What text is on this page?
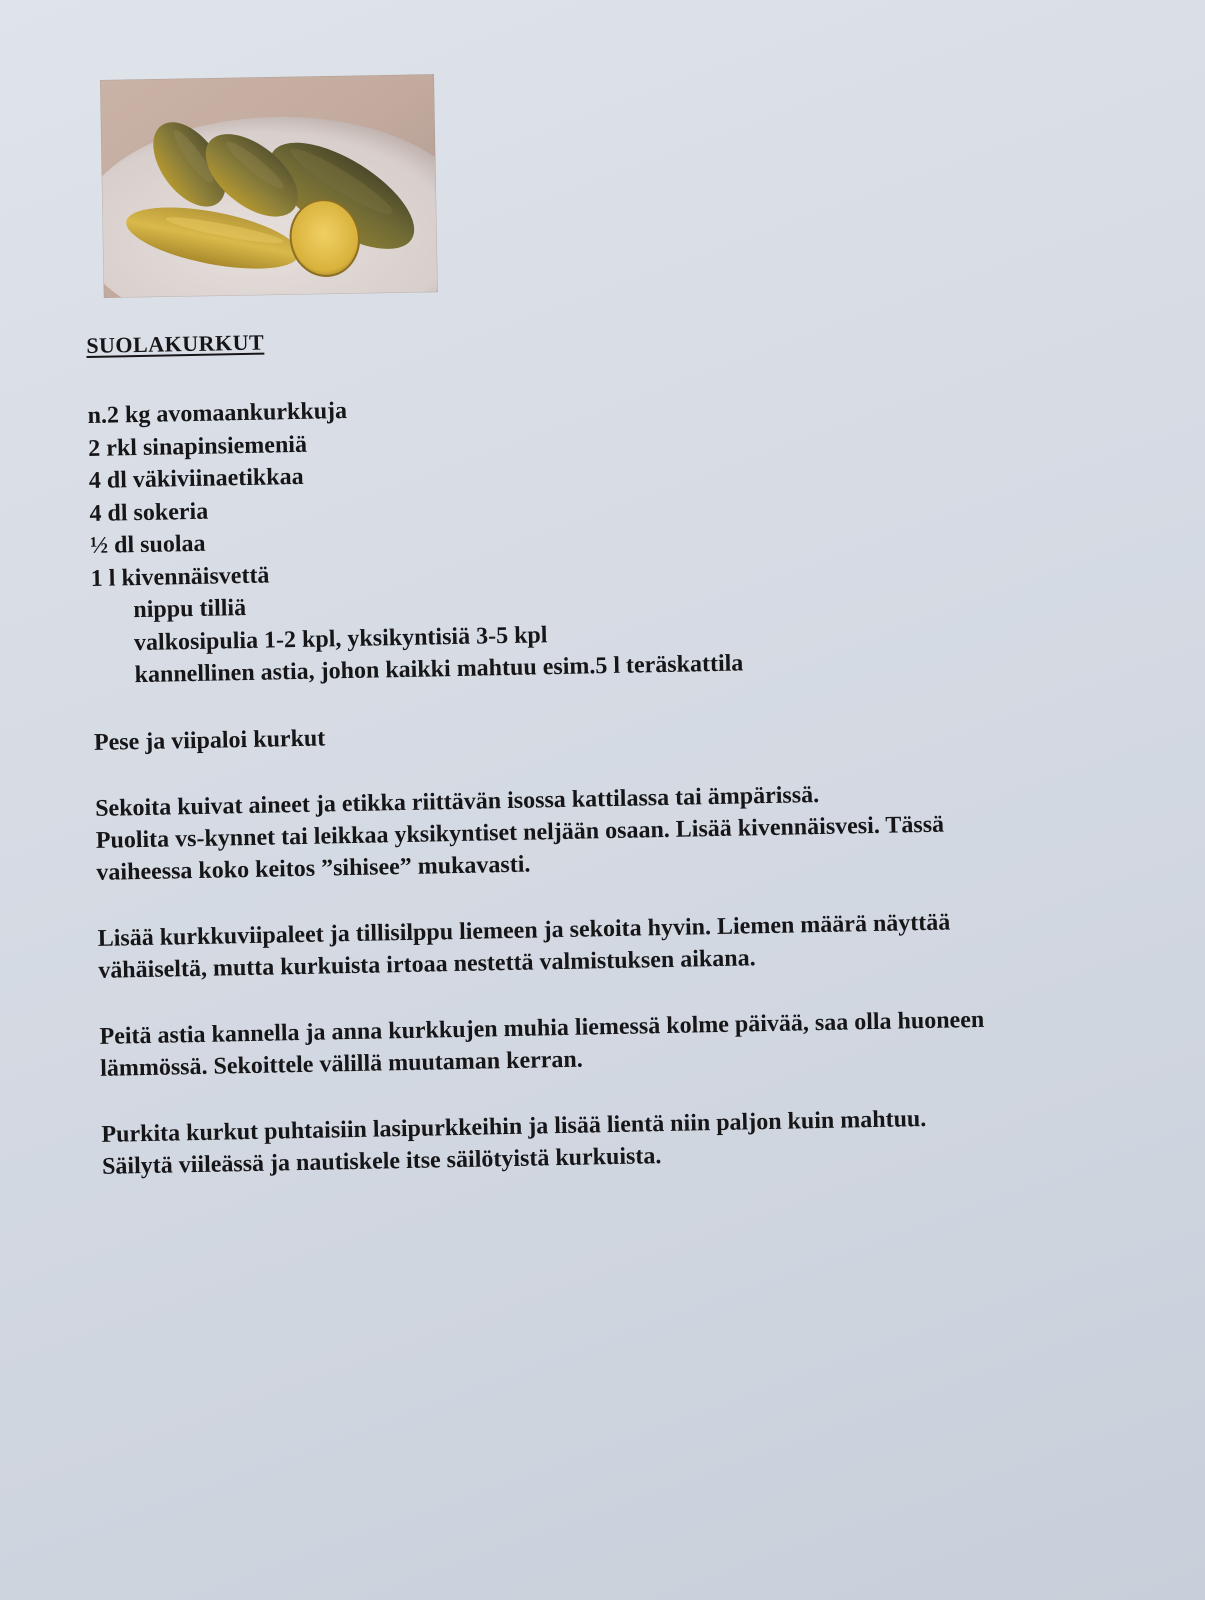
SUOLAKURKUT
n.2 kg avomaankurkkuja
2 rkl sinapinsiemeniä
4 dl väkiviinaetikkaa
4 dl sokeria
½ dl suolaa
1 l kivennäisvettä
nippu tilliä
valkosipulia 1-2 kpl, yksikyntisiä 3-5 kpl
kannellinen astia, johon kaikki mahtuu esim.5 l teräskattila
Pese ja viipaloi kurkut
Sekoita kuivat aineet ja etikka riittävän isossa kattilassa tai ämpärissä.
Puolita vs-kynnet tai leikkaa yksikyntiset neljään osaan. Lisää kivennäisvesi. Tässä
vaiheessa koko keitos ”sihisee” mukavasti.
Lisää kurkkuviipaleet ja tillisilppu liemeen ja sekoita hyvin. Liemen määrä näyttää
vähäiseltä, mutta kurkuista irtoaa nestettä valmistuksen aikana.
Peitä astia kannella ja anna kurkkujen muhia liemessä kolme päivää, saa olla huoneen
lämmössä. Sekoittele välillä muutaman kerran.
Purkita kurkut puhtaisiin lasipurkkeihin ja lisää lientä niin paljon kuin mahtuu.
Säilytä viileässä ja nautiskele itse säilötyistä kurkuista.
